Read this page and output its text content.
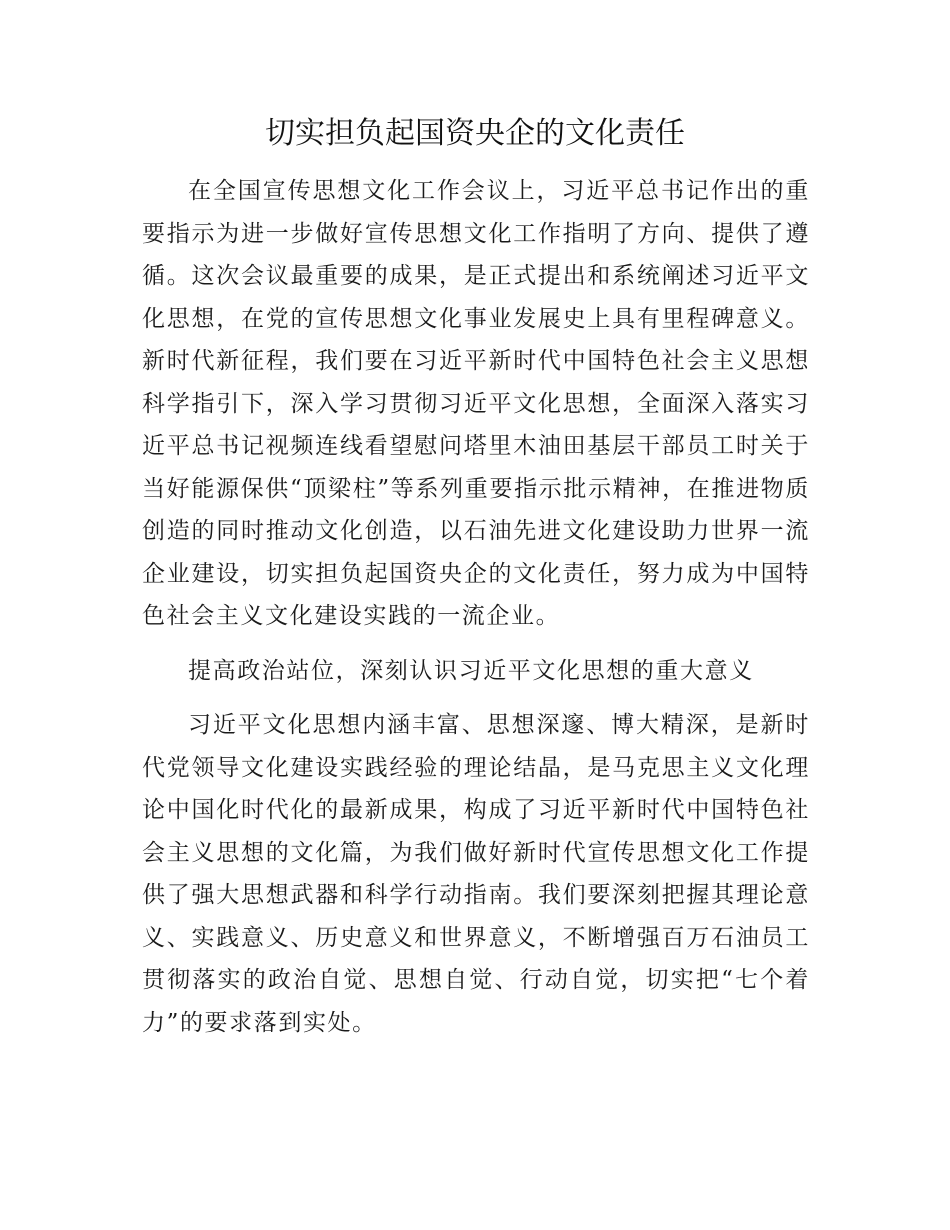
切实担负起国资央企的文化责任

在全国宣传思想文化工作会议上，习近平总书记作出的重要指示为进一步做好宣传思想文化工作指明了方向、提供了遵循。这次会议最重要的成果，是正式提出和系统阐述习近平文化思想，在党的宣传思想文化事业发展史上具有里程碑意义。新时代新征程，我们要在习近平新时代中国特色社会主义思想科学指引下，深入学习贯彻习近平文化思想，全面深入落实习近平总书记视频连线看望慰问塔里木油田基层干部员工时关于当好能源保供“顶梁柱”等系列重要指示批示精神，在推进物质创造的同时推动文化创造，以石油先进文化建设助力世界一流企业建设，切实担负起国资央企的文化责任，努力成为中国特色社会主义文化建设实践的一流企业。

提高政治站位，深刻认识习近平文化思想的重大意义

习近平文化思想内涵丰富、思想深邃、博大精深，是新时代党领导文化建设实践经验的理论结晶，是马克思主义文化理论中国化时代化的最新成果，构成了习近平新时代中国特色社会主义思想的文化篇，为我们做好新时代宣传思想文化工作提供了强大思想武器和科学行动指南。我们要深刻把握其理论意义、实践意义、历史意义和世界意义，不断增强百万石油员工贯彻落实的政治自觉、思想自觉、行动自觉，切实把“七个着力”的要求落到实处。
